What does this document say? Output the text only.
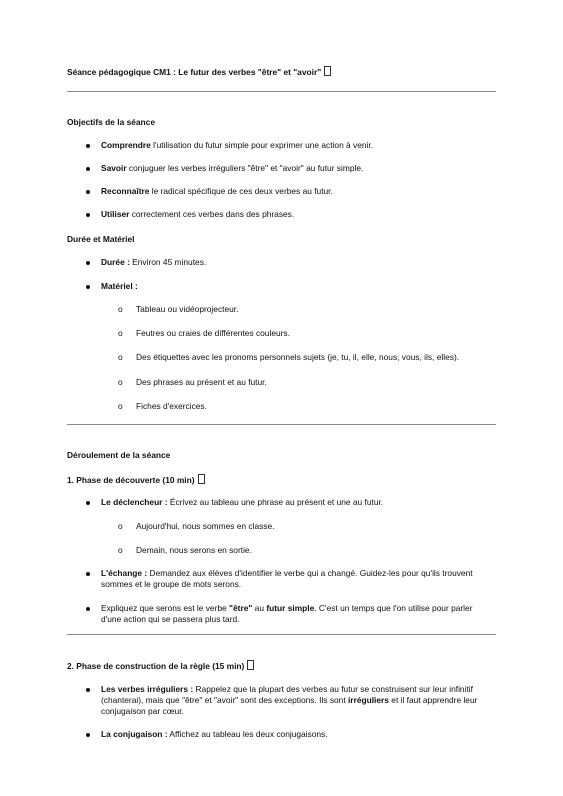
Séance pédagogique CM1 : Le futur des verbes "être" et "avoir"
Objectifs de la séance
Comprendre l'utilisation du futur simple pour exprimer une action à venir.
Savoir conjuguer les verbes irréguliers "être" et "avoir" au futur simple.
Reconnaître le radical spécifique de ces deux verbes au futur.
Utiliser correctement ces verbes dans des phrases.
Durée et Matériel
Durée : Environ 45 minutes.
Matériel :
o Tableau ou vidéoprojecteur.
o Feutres ou craies de différentes couleurs.
o Des étiquettes avec les pronoms personnels sujets (je, tu, il, elle, nous, vous, ils, elles).
o Des phrases au présent et au futur.
o Fiches d'exercices.
Déroulement de la séance
1. Phase de découverte (10 min)
Le déclencheur : Écrivez au tableau une phrase au présent et une au futur.
o Aujourd'hui, nous sommes en classe.
o Demain, nous serons en sortie.
L'échange : Demandez aux élèves d'identifier le verbe qui a changé. Guidez-les pour qu'ils trouvent
sommes et le groupe de mots serons.
Expliquez que serons est le verbe "être" au futur simple. C'est un temps que l'on utilise pour parler
d'une action qui se passera plus tard.
2. Phase de construction de la règle (15 min)
Les verbes irréguliers : Rappelez que la plupart des verbes au futur se construisent sur leur infinitif
(chanterai), mais que "être" et "avoir" sont des exceptions. Ils sont irréguliers et il faut apprendre leur
conjugaison par cœur.
La conjugaison : Affichez au tableau les deux conjugaisons.
